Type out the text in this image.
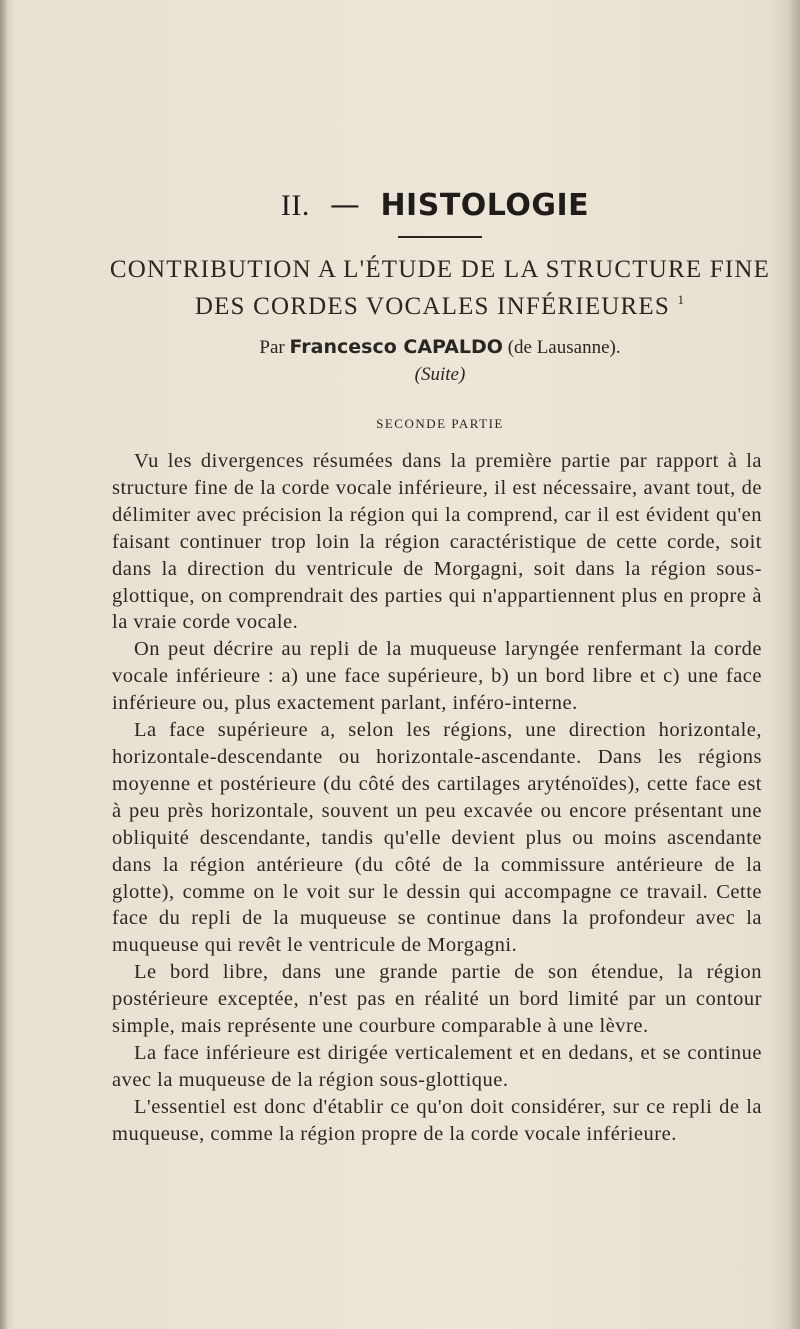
II. — HISTOLOGIE
CONTRIBUTION A L'ÉTUDE DE LA STRUCTURE FINE
DES CORDES VOCALES INFÉRIEURES $^1$
Par Francesco CAPALDO (de Lausanne).
(Suite)
SECONDE PARTIE

Vu les divergences résumées dans la première partie par rapport à la structure fine de la corde vocale inférieure, il est nécessaire, avant tout, de délimiter avec précision la région qui la comprend, car il est évident qu'en faisant continuer trop loin la région caractéristique de cette corde, soit dans la direction du ventricule de Morgagni, soit dans la région sous-glottique, on comprendrait des parties qui n'appartiennent plus en propre à la vraie corde vocale.

On peut décrire au repli de la muqueuse laryngée renfermant la corde vocale inférieure : a) une face supérieure, b) un bord libre et c) une face inférieure ou, plus exactement parlant, inféro-interne.

La face supérieure a, selon les régions, une direction horizontale, horizontale-descendante ou horizontale-ascendante. Dans les régions moyenne et postérieure (du côté des cartilages aryténoïdes), cette face est à peu près horizontale, souvent un peu excavée ou encore présentant une obliquité descendante, tandis qu'elle devient plus ou moins ascendante dans la région antérieure (du côté de la commissure antérieure de la glotte), comme on le voit sur le dessin qui accompagne ce travail. Cette face du repli de la muqueuse se continue dans la profondeur avec la muqueuse qui revêt le ventricule de Morgagni.

Le bord libre, dans une grande partie de son étendue, la région postérieure exceptée, n'est pas en réalité un bord limité par un contour simple, mais représente une courbure comparable à une lèvre.

La face inférieure est dirigée verticalement et en dedans, et se continue avec la muqueuse de la région sous-glottique.

L'essentiel est donc d'établir ce qu'on doit considérer, sur ce repli de la muqueuse, comme la région propre de la corde vocale inférieure.
